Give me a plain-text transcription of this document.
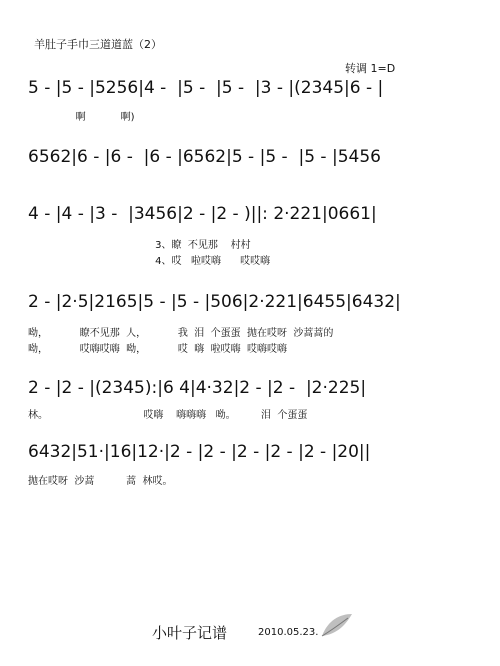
羊肚子手巾三道道蓝（2）
转调 1=D
5 - |5 - |5256|4 -  |5 -  |5 -  |3 - |(2345|6 - |
啊           啊)
6562|6 - |6 -  |6 - |6562|5 - |5 -  |5 - |5456
4 - |4 - |3 -  |3456|2 - |2 - )||: 2·221|0661|
3、瞭  不见那    村村
4、哎   啦哎嗨      哎哎嗨
2 - |2·5|2165|5 - |5 - |506|2·221|6455|6432|
呦，          瞭不见那  人，          我  泪  个蛋蛋  抛在哎呀  沙蒿蒿的
呦，          哎嗨哎嗨  呦，          哎  嗨  啦哎嗨  哎嗨哎嗨
2 - |2 - |(2345):|6 4|4·32|2 - |2 -  |2·225|
林。                              哎嗨    嗨嗨嗨   呦。        泪  个蛋蛋
6432|51·|16|12·|2 - |2 - |2 - |2 - |2 - |20||
抛在哎呀  沙蒿          蒿  林哎。
小叶子记谱	2010.05.23.
